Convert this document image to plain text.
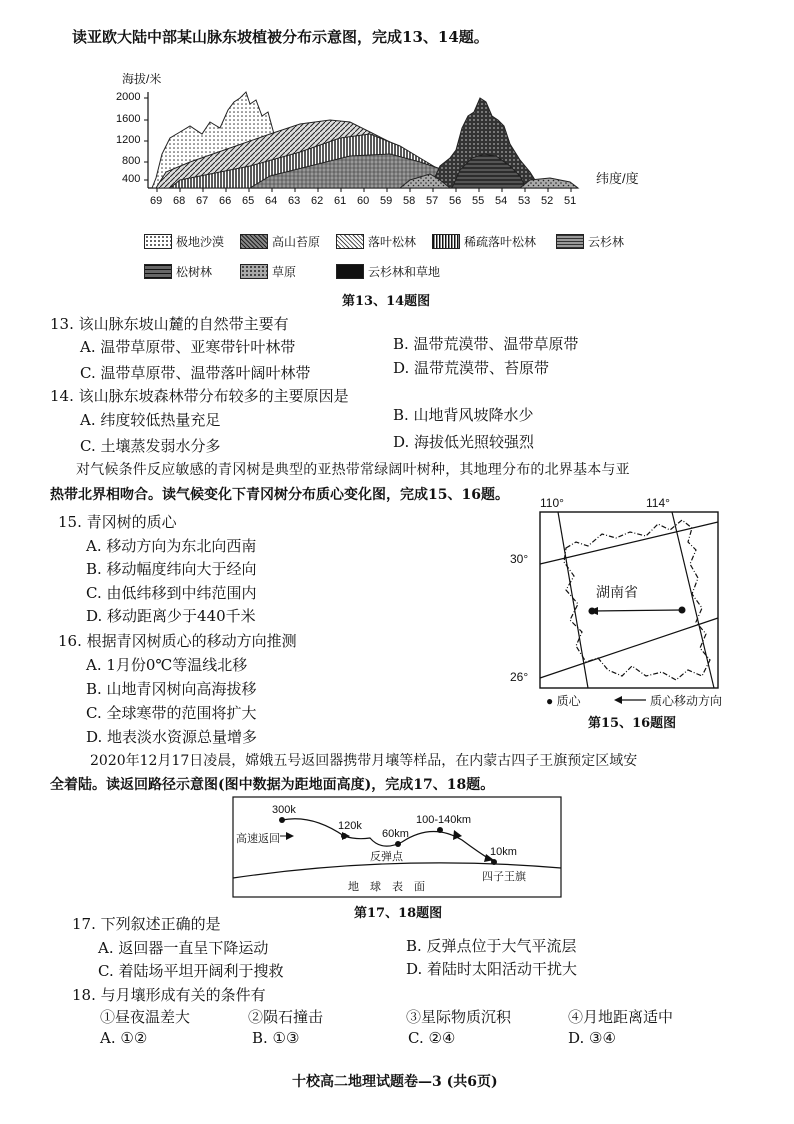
读亚欧大陆中部某山脉东坡植被分布示意图，完成13、14题。
海拔/米
纬度/度
2000
1600
1200
800
400
69 68 67 66 65 64 63 62 61 60 59 58 57 56 55 54 53 52 51
极地沙漠	高山苔原	落叶松林	稀疏落叶松林	云杉林
松树林	草原	云杉林和草地
第13、14题图
13. 该山脉东坡山麓的自然带主要有
A. 温带草原带、亚寒带针叶林带	B. 温带荒漠带、温带草原带
C. 温带草原带、温带落叶阔叶林带	D. 温带荒漠带、苔原带
14. 该山脉东坡森林带分布较多的主要原因是
A. 纬度较低热量充足	B. 山地背风坡降水少
C. 土壤蒸发弱水分多	D. 海拔低光照较强烈
对气候条件反应敏感的青冈树是典型的亚热带常绿阔叶树种，其地理分布的北界基本与亚
热带北界相吻合。读气候变化下青冈树分布质心变化图，完成15、16题。
15. 青冈树的质心
A. 移动方向为东北向西南
B. 移动幅度纬向大于经向
C. 由低纬移到中纬范围内
D. 移动距离少于440千米
16. 根据青冈树质心的移动方向推测
A. 1月份0℃等温线北移
B. 山地青冈树向高海拔移
C. 全球寒带的范围将扩大
D. 地表淡水资源总量增多
110°	114°
30°
26°
湖南省
● 质心	质心移动方向
第15、16题图
2020年12月17日凌晨，嫦娥五号返回器携带月壤等样品，在内蒙古四子王旗预定区域安
全着陆。读返回路径示意图(图中数据为距地面高度)，完成17、18题。
高速返回
300k
120k
60km
100-140km
10km
反弹点
四子王旗
地　球　表　面
第17、18题图
17. 下列叙述正确的是
A. 返回器一直呈下降运动	B. 反弹点位于大气平流层
C. 着陆场平坦开阔利于搜救	D. 着陆时太阳活动干扰大
18. 与月壤形成有关的条件有
①昼夜温差大	②陨石撞击	③星际物质沉积	④月地距离适中
A. ①②	B. ①③	C. ②④	D. ③④
十校高二地理试题卷—3 (共6页)
